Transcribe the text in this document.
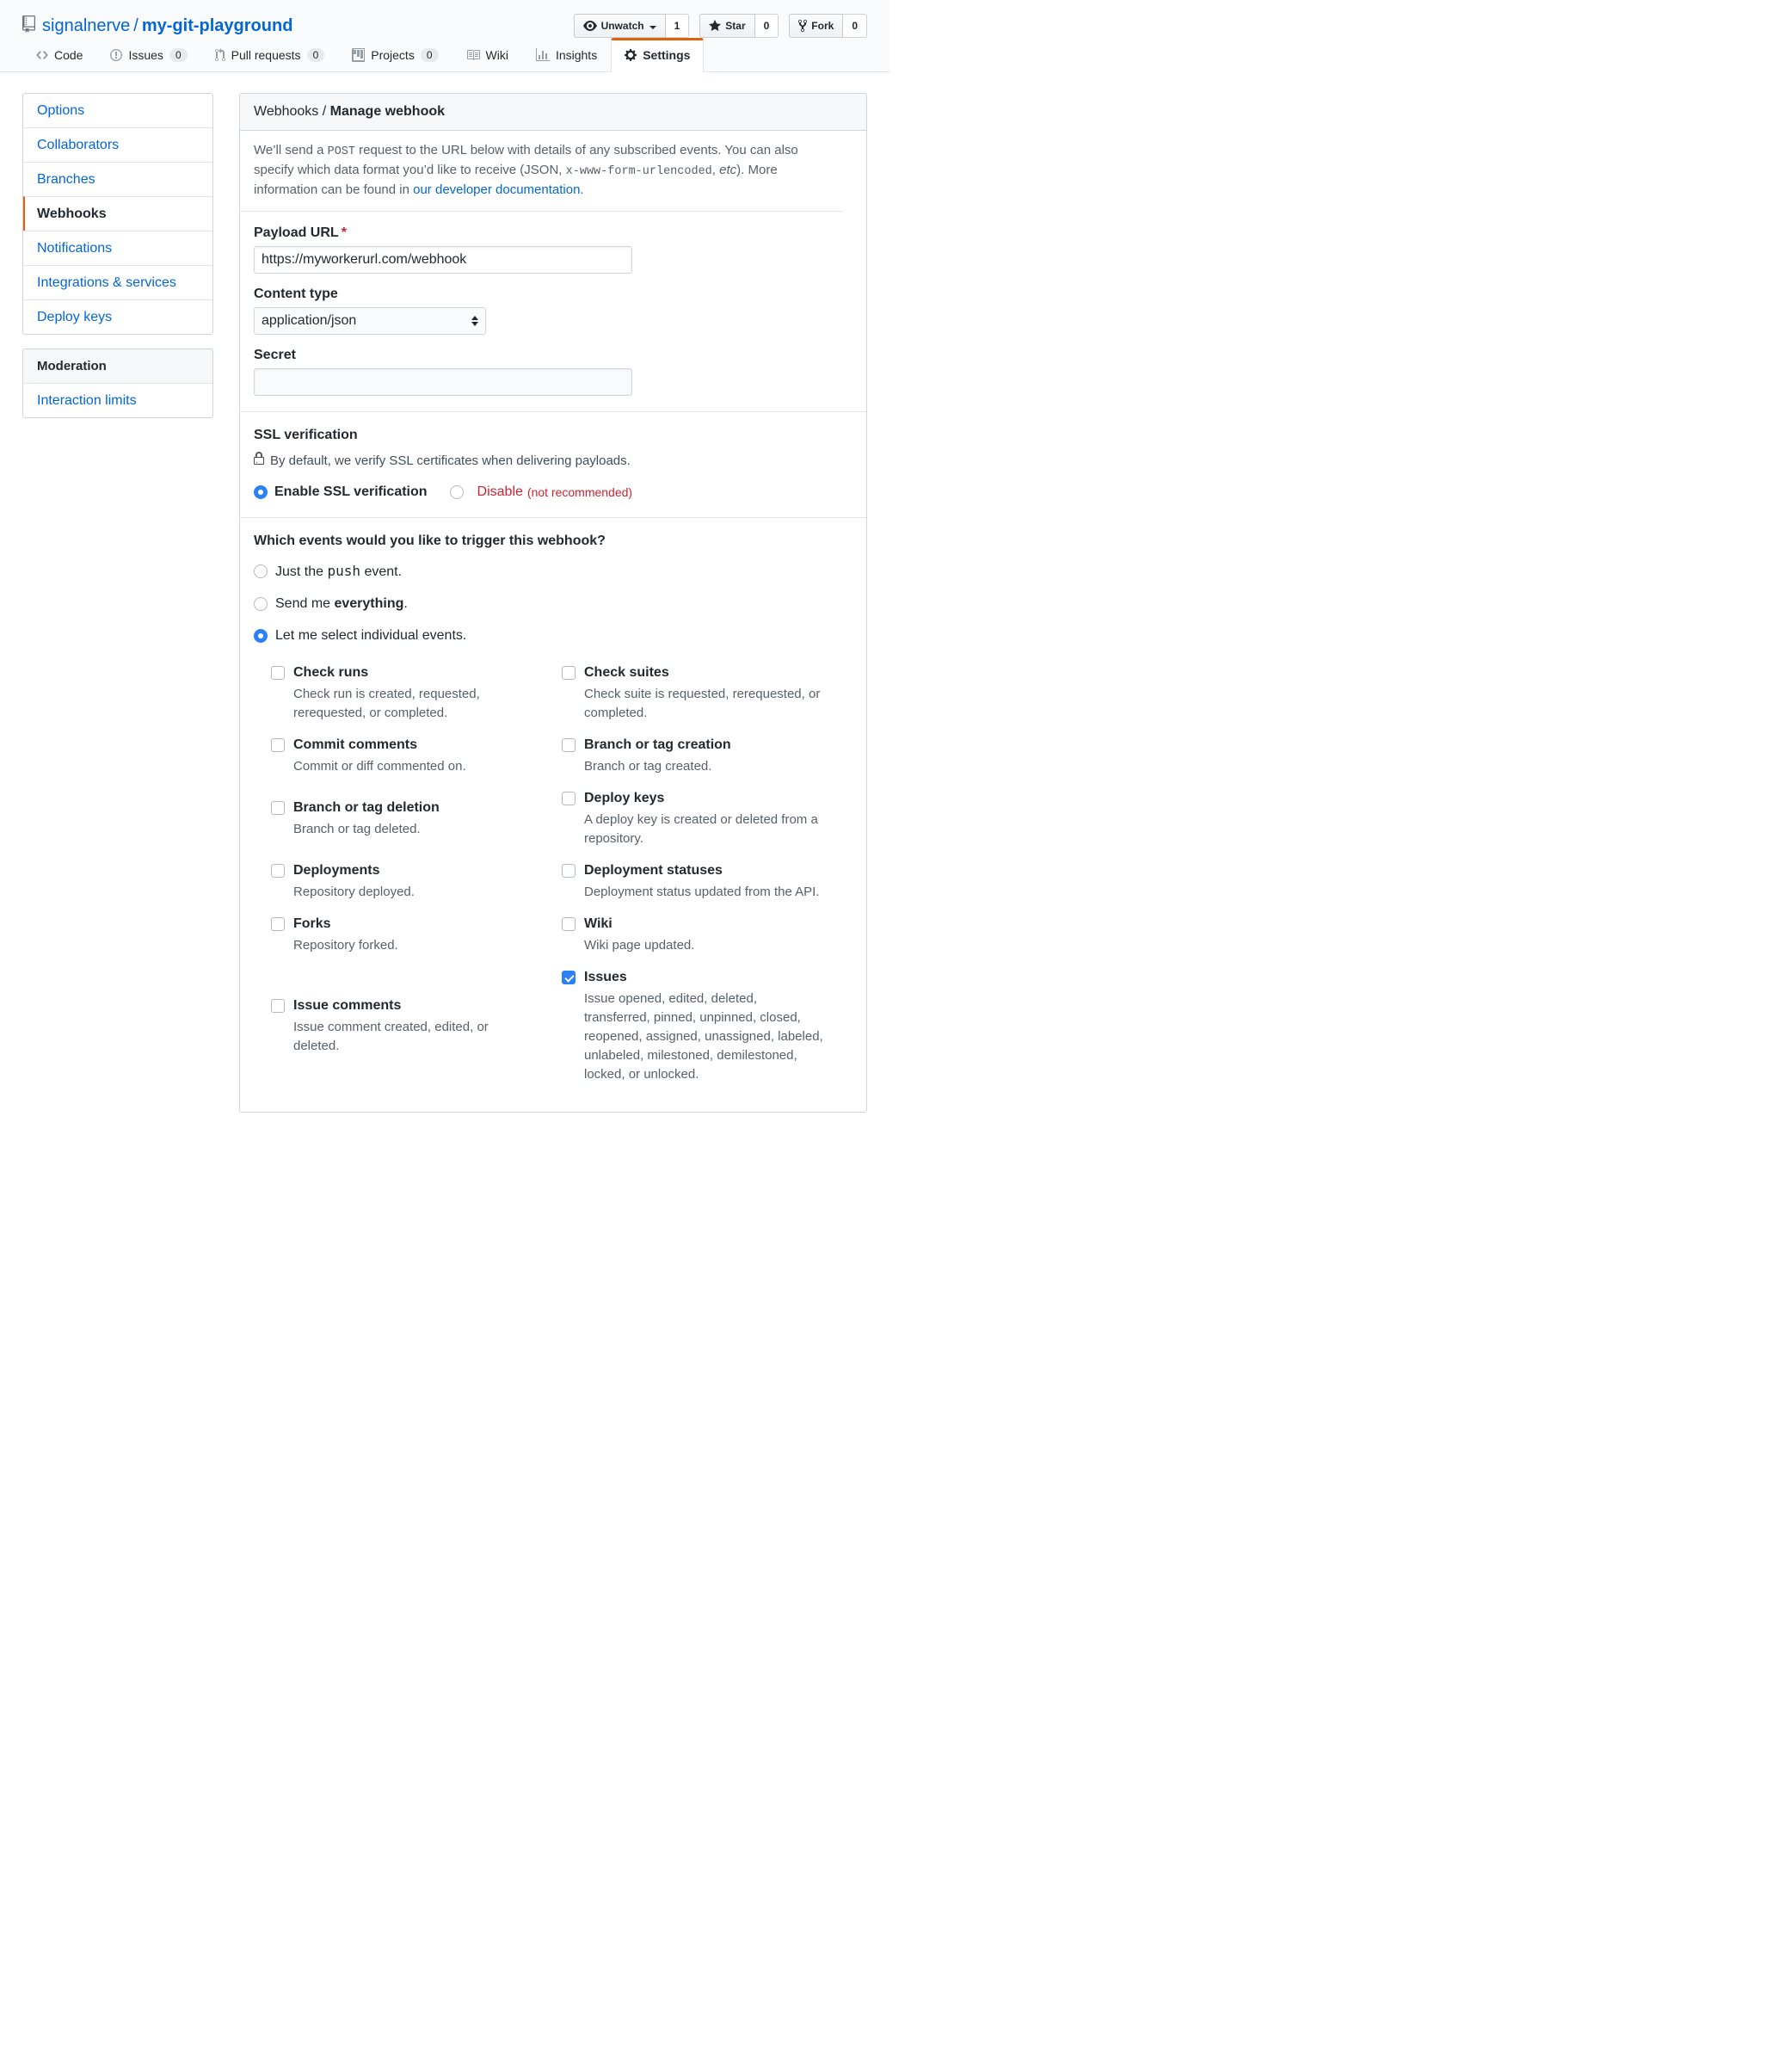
signalnerve / my-git-playground	Unwatch	1	Star	0	Fork	0
Code	Issues	0	Pull requests	0	Projects	0	Wiki	Insights	Settings
Options
Collaborators
Branches
Webhooks
Notifications
Integrations & services
Deploy keys
Moderation
Interaction limits
Webhooks / Manage webhook
We’ll send a POST request to the URL below with details of any subscribed events. You can also specify which data format you’d like to receive (JSON, x-www-form-urlencoded, etc). More information can be found in our developer documentation.
Payload URL *
https://myworkerurl.com/webhook
Content type
application/json
Secret
SSL verification
By default, we verify SSL certificates when delivering payloads.
Enable SSL verification	Disable (not recommended)
Which events would you like to trigger this webhook?
Just the push event.
Send me everything.
Let me select individual events.
Check runs
Check run is created, requested, rerequested, or completed.
Check suites
Check suite is requested, rerequested, or completed.
Commit comments
Commit or diff commented on.
Branch or tag creation
Branch or tag created.
Branch or tag deletion
Branch or tag deleted.
Deploy keys
A deploy key is created or deleted from a repository.
Deployments
Repository deployed.
Deployment statuses
Deployment status updated from the API.
Forks
Repository forked.
Wiki
Wiki page updated.
Issue comments
Issue comment created, edited, or deleted.
Issues
Issue opened, edited, deleted, transferred, pinned, unpinned, closed, reopened, assigned, unassigned, labeled, unlabeled, milestoned, demilestoned, locked, or unlocked.
